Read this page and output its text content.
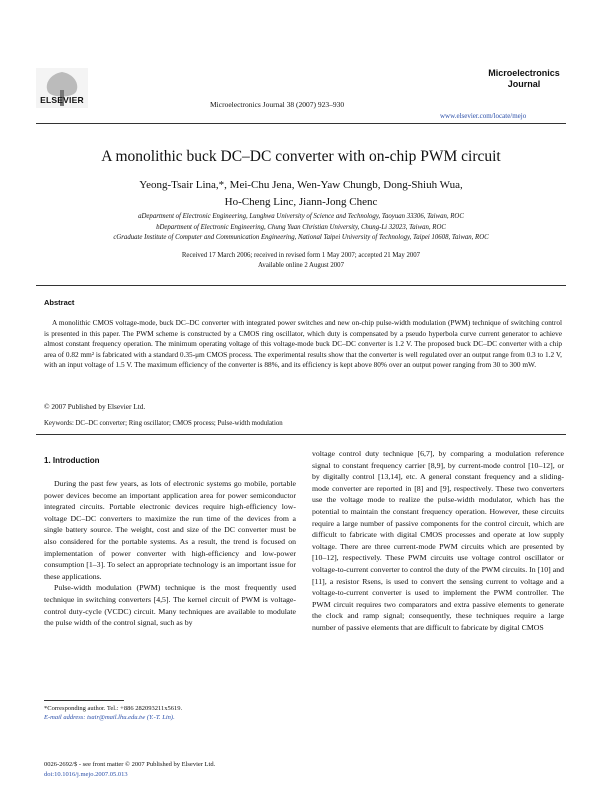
ELSEVIER	Microelectronics Journal 38 (2007) 923–930
Microelectronics
Journal
www.elsevier.com/locate/mejo
A monolithic buck DC–DC converter with on-chip PWM circuit
Yeong-Tsair Lina,*, Mei-Chu Jena, Wen-Yaw Chungb, Dong-Shiuh Wua,
Ho-Cheng Linc, Jiann-Jong Chenc
aDepartment of Electronic Engineering, Lunghwa University of Science and Technology, Taoyuan 33306, Taiwan, ROC
bDepartment of Electronic Engineering, Chung Yuan Christian University, Chung-Li 32023, Taiwan, ROC
cGraduate Institute of Computer and Communication Engineering, National Taipei University of Technology, Taipei 10608, Taiwan, ROC
Received 17 March 2006; received in revised form 1 May 2007; accepted 21 May 2007
Available online 2 August 2007
Abstract
A monolithic CMOS voltage-mode, buck DC–DC converter with integrated power switches and new on-chip pulse-width modulation (PWM) technique of switching control is presented in this paper. The PWM scheme is constructed by a CMOS ring oscillator, which duty is compensated by a pseudo hyperbola curve current generator to achieve almost constant frequency operation. The minimum operating voltage of this voltage-mode buck DC–DC converter is 1.2 V. The proposed buck DC–DC converter with a chip area of 0.82 mm² is fabricated with a standard 0.35-μm CMOS process. The experimental results show that the converter is well regulated over an output range from 0.3 to 1.2 V, with an input voltage of 1.5 V. The maximum efficiency of the converter is 88%, and its efficiency is kept above 80% over an output power ranging from 30 to 300 mW.
© 2007 Published by Elsevier Ltd.
Keywords: DC–DC converter; Ring oscillator; CMOS process; Pulse-width modulation
1. Introduction

During the past few years, as lots of electronic systems go mobile, portable power devices become an important application area for power semiconductor integrated circuits. Portable electronic devices require high-efficiency low-voltage DC–DC converters to maximize the run time of the devices from a single battery source. The weight, cost and size of the DC converter must be also considered for the portable systems. As a result, the trend is focused on implementation of power converter with high-efficiency and low-power consumption [1–3]. To select an appropriate technology is an important issue for these applications.

Pulse-width modulation (PWM) technique is the most frequently used technique in switching converters [4,5]. The kernel circuit of PWM is voltage-control duty-cycle (VCDC) circuit. Many techniques are available to modulate the pulse width of the control signal, such as by

voltage control duty technique [6,7], by comparing a modulation reference signal to constant frequency carrier [8,9], by current-mode control [10–12], or by digitally control [13,14], etc. A general constant frequency and a sliding-mode converter are reported in [8] and [9], respectively. These two converters use the voltage mode to realize the pulse-width modulator, which has the potential to maintain the constant frequency operation. However, these circuits require a large number of passive components for the control circuit, which are difficult to fabricate with digital CMOS processes and operate at low supply voltage. There are three current-mode PWM circuits which are presented by [10–12], respectively. These PWM circuits use voltage control oscillator or voltage-to-current converter to control the duty of the PWM circuits. In [10] and [11], a resistor Rsens, is used to convert the sensing current to voltage and a voltage-to-current converter is used to implement the PWM controller. The PWM circuit requires two comparators and extra passive elements to generate the clock and ramp signal; consequently, these techniques require a large number of passive elements that are difficult to fabricate by digital CMOS

*Corresponding author. Tel.: +886 282093211x5619.
E-mail address: tsair@mail.lhu.edu.tw (Y.-T. Lin).
0026-2692/$ - see front matter © 2007 Published by Elsevier Ltd.
doi:10.1016/j.mejo.2007.05.013
